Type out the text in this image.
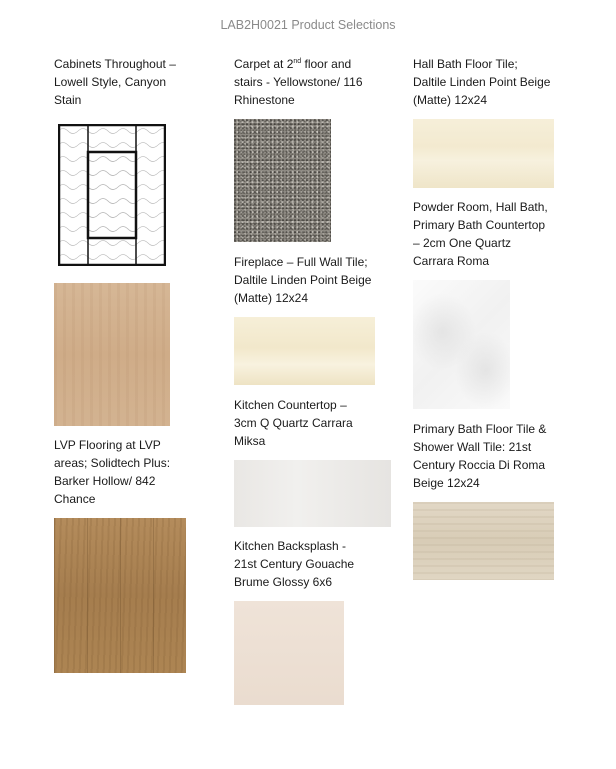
LAB2H0021 Product Selections
Cabinets Throughout –
Lowell Style, Canyon
Stain
LVP Flooring at LVP
areas; Solidtech Plus:
Barker Hollow/ 842
Chance
Carpet at 2nd floor and
stairs - Yellowstone/ 116
Rhinestone
Fireplace – Full Wall Tile;
Daltile Linden Point Beige
(Matte) 12x24
Kitchen Countertop –
3cm Q Quartz Carrara
Miksa
Kitchen Backsplash -
21st Century Gouache
Brume Glossy 6x6
Hall Bath Floor Tile;
Daltile Linden Point Beige
(Matte) 12x24
Powder Room, Hall Bath,
Primary Bath Countertop
– 2cm One Quartz
Carrara Roma
Primary Bath Floor Tile &
Shower Wall Tile: 21st
Century Roccia Di Roma
Beige 12x24
